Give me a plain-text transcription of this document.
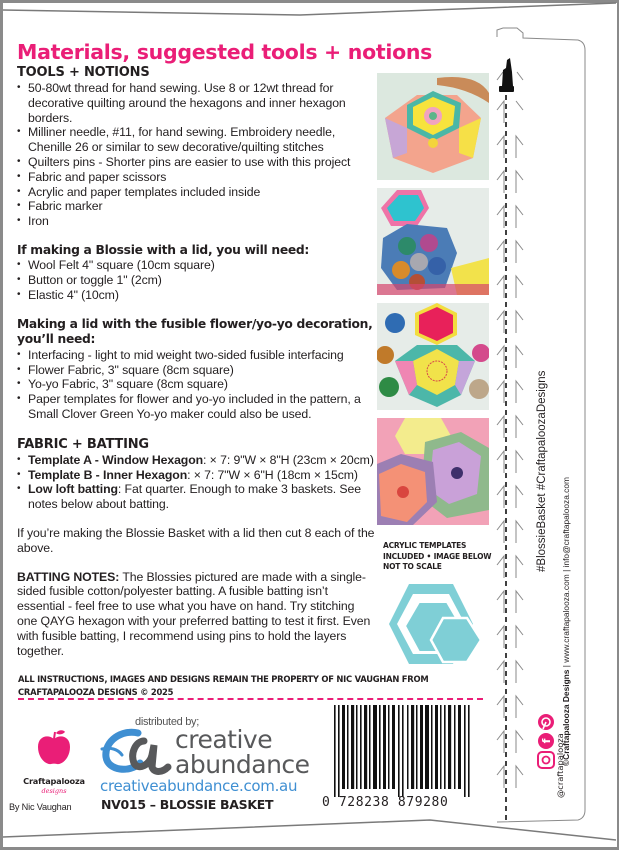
Materials, suggested tools + notions
TOOLS + NOTIONS
• 50-80wt thread for hand sewing. Use 8 or 12wt thread for decorative quilting around the hexagons and inner hexagon borders.
• Milliner needle, #11, for hand sewing. Embroidery needle, Chenille 26 or similar to sew decorative/quilting stitches
• Quilters pins - Shorter pins are easier to use with this project
• Fabric and paper scissors
• Acrylic and paper templates included inside
• Fabric marker
• Iron
If making a Blossie with a lid, you will need:
• Wool Felt 4" square (10cm square)
• Button or toggle 1" (2cm)
• Elastic 4" (10cm)
Making a lid with the fusible flower/yo-yo decoration, you’ll need:
• Interfacing - light to mid weight two-sided fusible interfacing
• Flower Fabric, 3" square (8cm square)
• Yo-yo Fabric, 3" square (8cm square)
• Paper templates for flower and yo-yo included in the pattern, a Small Clover Green Yo-yo maker could also be used.
FABRIC + BATTING
• Template A - Window Hexagon: × 7: 9"W × 8"H (23cm × 20cm)
• Template B - Inner Hexagon: × 7: 7"W × 6"H (18cm × 15cm)
• Low loft batting: Fat quarter. Enough to make 3 baskets. See notes below about batting.
If you’re making the Blossie Basket with a lid then cut 8 each of the above.
BATTING NOTES: The Blossies pictured are made with a single-sided fusible cotton/polyester batting. A fusible batting isn’t essential - feel free to use what you have on hand. Try stitching one QAYG hexagon with your preferred batting to test it first. Even with fusible batting, I recommend using pins to hold the layers together.
ACRYLIC TEMPLATES INCLUDED • IMAGE BELOW NOT TO SCALE
ALL INSTRUCTIONS, IMAGES AND DESIGNS REMAIN THE PROPERTY OF NIC VAUGHAN FROM CRAFTAPALOOZA DESIGNS © 2025
#BlossieBasket #CraftapaloozaDesigns
©Craftapalooza Designs | www.craftapalooza.com | info@craftapalooza.com
f @craftapalooza
Craftapalooza
designs
By Nic Vaughan
distributed by;
creative
abundance
creativeabundance.com.au
NV015 – BLOSSIE BASKET	0 728238 879280
